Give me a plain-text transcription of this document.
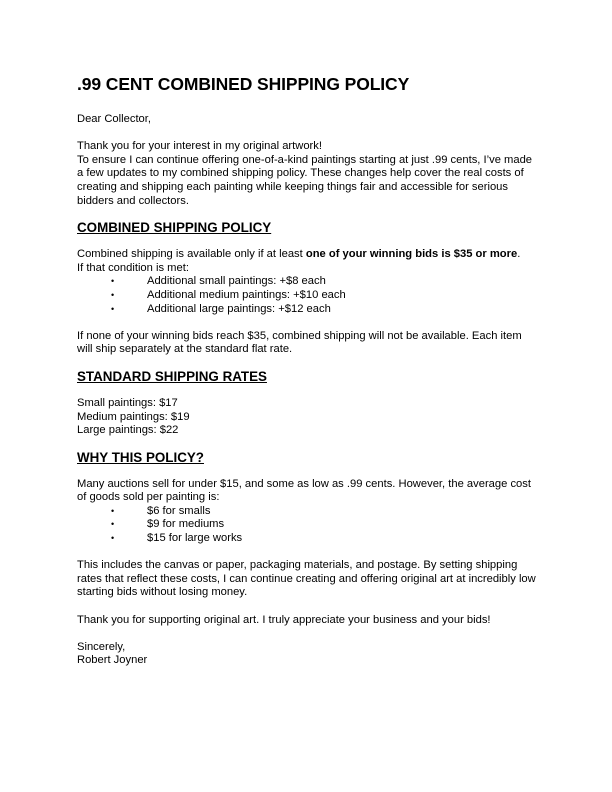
.99 CENT COMBINED SHIPPING POLICY

Dear Collector,

Thank you for your interest in my original artwork!

To ensure I can continue offering one-of-a-kind paintings starting at just .99 cents, I’ve made a few updates to my combined shipping policy. These changes help cover the real costs of creating and shipping each painting while keeping things fair and accessible for serious bidders and collectors.

COMBINED SHIPPING POLICY

Combined shipping is available only if at least one of your winning bids is $35 or more.

If that condition is met:

•	Additional small paintings: +$8 each
•	Additional medium paintings: +$10 each
•	Additional large paintings: +$12 each

If none of your winning bids reach $35, combined shipping will not be available. Each item will ship separately at the standard flat rate.

STANDARD SHIPPING RATES

Small paintings: $17

Medium paintings: $19

Large paintings: $22

WHY THIS POLICY?

Many auctions sell for under $15, and some as low as .99 cents. However, the average cost of goods sold per painting is:

•	$6 for smalls
•	$9 for mediums
•	$15 for large works

This includes the canvas or paper, packaging materials, and postage. By setting shipping rates that reflect these costs, I can continue creating and offering original art at incredibly low starting bids without losing money.

Thank you for supporting original art. I truly appreciate your business and your bids!

Sincerely,

Robert Joyner
